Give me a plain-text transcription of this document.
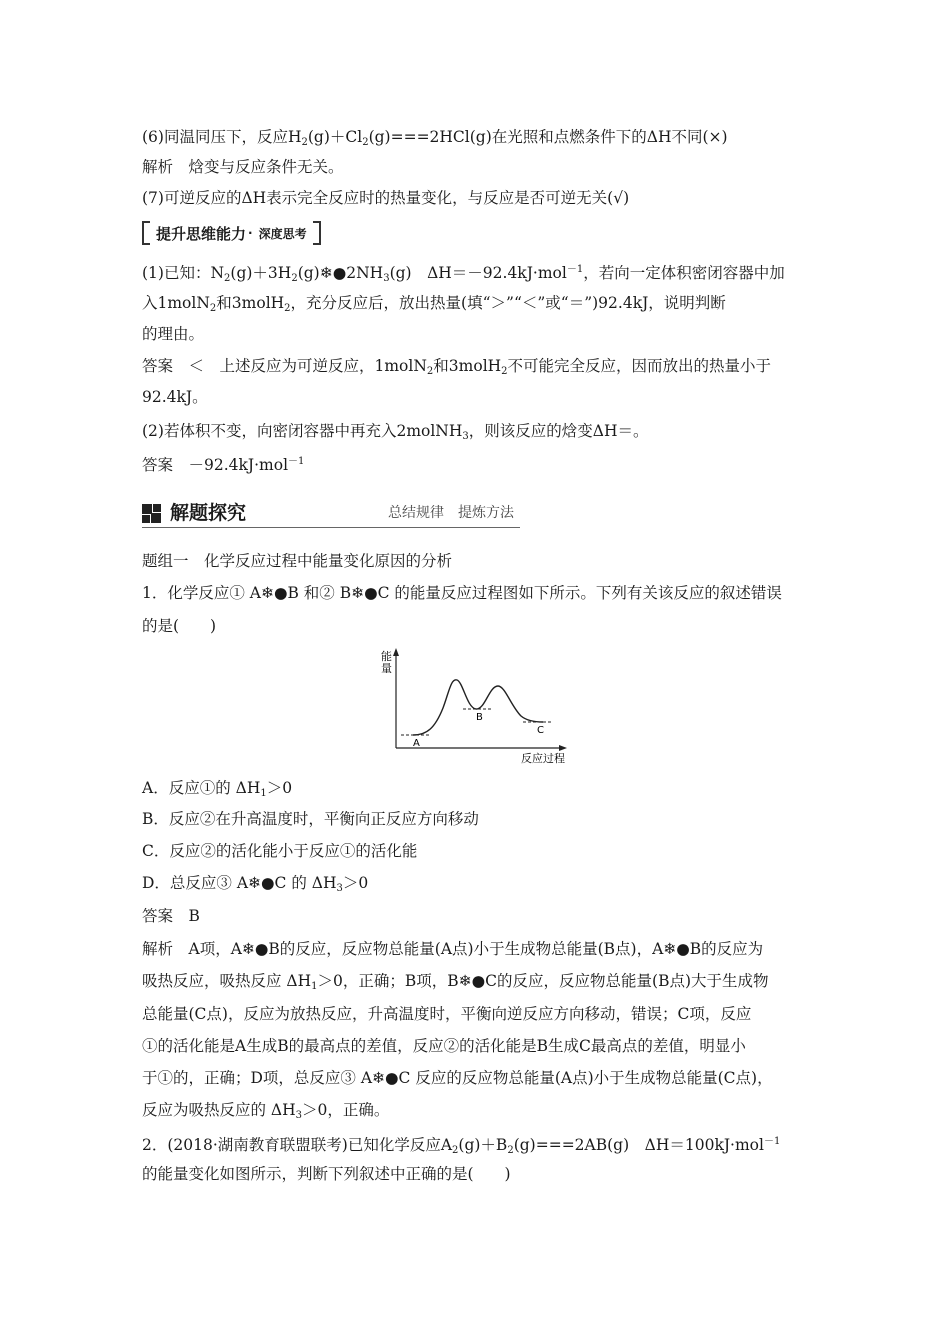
(6)同温同压下，反应$H_2(g)+Cl_2(g)===2HCl(g)$在光照和点燃条件下的ΔH不同(×)
解析　焓变与反应条件无关。
(7)可逆反应的ΔH表示完全反应时的热量变化，与反应是否可逆无关(√)
提升思维能力 · 深度思考
(1)已知：$N_2(g)+3H_2(g)❄●2NH_3(g)$　ΔH＝－92.4kJ·mol$^{-1}$，若向一定体积密闭容器中加
入1molN$_2$和3molH$_2$，充分反应后，放出热量(填“＞”“＜”或“＝”)92.4kJ，说明判断
的理由。
答案　＜　上述反应为可逆反应，1molN$_2$和3molH$_2$不可能完全反应，因而放出的热量小于
92.4kJ。
(2)若体积不变，向密闭容器中再充入2molNH$_3$，则该反应的焓变ΔH＝。
答案　－92.4kJ·mol$^{-1}$
解题探究	总结规律　提炼方法
题组一　化学反应过程中能量变化原因的分析
1．化学反应① A❄●B 和② B❄●C 的能量反应过程图如下所示。下列有关该反应的叙述错误
的是(　　)
能
量
反应过程
A
B
C
A．反应①的 $\Delta H_1>0$
B．反应②在升高温度时，平衡向正反应方向移动
C．反应②的活化能小于反应①的活化能
D．总反应③ A❄●C 的 $\Delta H_3>0$
答案　B
解析　A项，A❄●B的反应，反应物总能量(A点)小于生成物总能量(B点)，A❄●B的反应为
吸热反应，吸热反应 $\Delta H_1>0$，正确；B项，B❄●C的反应，反应物总能量(B点)大于生成物
总能量(C点)，反应为放热反应，升高温度时，平衡向逆反应方向移动，错误；C项，反应
①的活化能是A生成B的最高点的差值，反应②的活化能是B生成C最高点的差值，明显小
于①的，正确；D项，总反应③ A❄●C 反应的反应物总能量(A点)小于生成物总能量(C点)，
反应为吸热反应的 $\Delta H_3>0$，正确。
2．(2018·湖南教育联盟联考)已知化学反应$A_2(g)+B_2(g)===2AB(g)$　ΔH＝100kJ·mol$^{-1}$
的能量变化如图所示，判断下列叙述中正确的是(　　)
